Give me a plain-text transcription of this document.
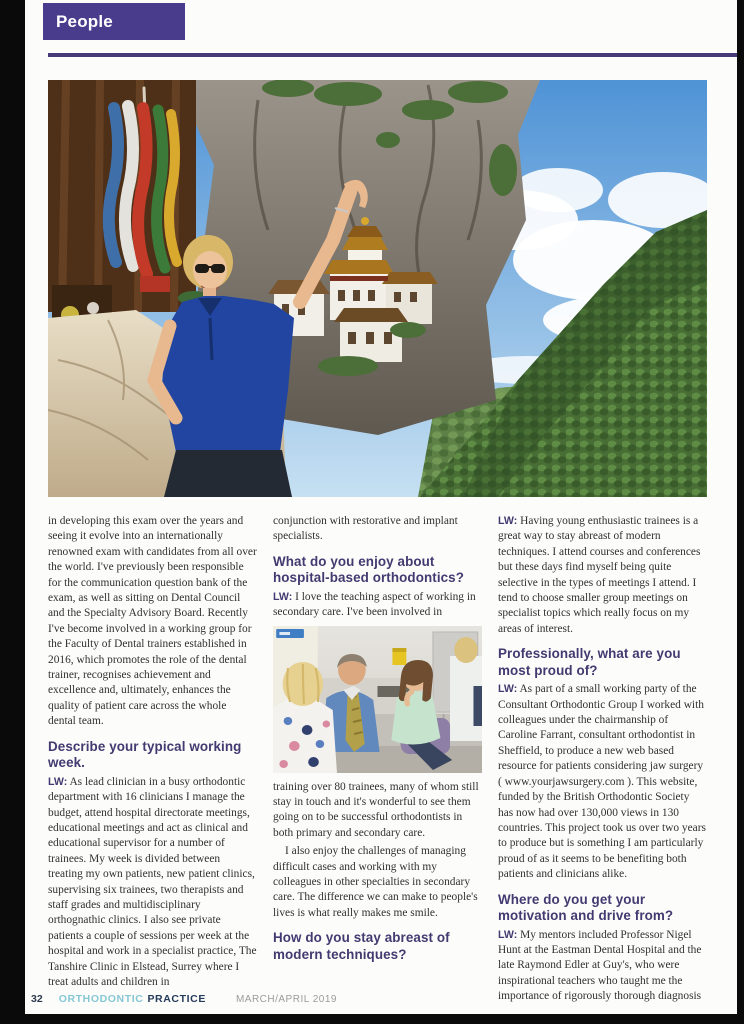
People

in developing this exam over the years and seeing it evolve into an internationally renowned exam with candidates from all over the world. I've previously been responsible for the communication question bank of the exam, as well as sitting on Dental Council and the Specialty Advisory Board. Recently I've become involved in a working group for the Faculty of Dental trainers established in 2016, which promotes the role of the dental trainer, recognises achievement and excellence and, ultimately, enhances the quality of patient care across the whole dental team.

Describe your typical working week.

LW: As lead clinician in a busy orthodontic department with 16 clinicians I manage the budget, attend hospital directorate meetings, educational meetings and act as clinical and educational supervisor for a number of trainees. My week is divided between treating my own patients, new patient clinics, supervising six trainees, two therapists and staff grades and multidisciplinary orthognathic clinics. I also see private patients a couple of sessions per week at the hospital and work in a specialist practice, The Tanshire Clinic in Elstead, Surrey where I treat adults and children in

conjunction with restorative and implant specialists.

What do you enjoy about hospital-based orthodontics?

LW: I love the teaching aspect of working in secondary care. I've been involved in

training over 80 trainees, many of whom still stay in touch and it's wonderful to see them going on to be successful orthodontists in both primary and secondary care.

I also enjoy the challenges of managing difficult cases and working with my colleagues in other specialties in secondary care. The difference we can make to people's lives is what really makes me smile.

How do you stay abreast of modern techniques?

LW: Having young enthusiastic trainees is a great way to stay abreast of modern techniques. I attend courses and conferences but these days find myself being quite selective in the types of meetings I attend. I tend to choose smaller group meetings on specialist topics which really focus on my areas of interest.

Professionally, what are you most proud of?

LW: As part of a small working party of the Consultant Orthodontic Group I worked with colleagues under the chairmanship of Caroline Farrant, consultant orthodontist in Sheffield, to produce a new web based resource for patients considering jaw surgery ( www.yourjawsurgery.com ). This website, funded by the British Orthodontic Society has now had over 130,000 views in 130 countries. This project took us over two years to produce but is something I am particularly proud of as it seems to be benefiting both patients and clinicians alike.

Where do you get your motivation and drive from?

LW: My mentors included Professor Nigel Hunt at the Eastman Dental Hospital and the late Raymond Edler at Guy's, who were inspirational teachers who taught me the importance of rigorously thorough diagnosis

32 ORTHODONTIC PRACTICE	MARCH/APRIL 2019
